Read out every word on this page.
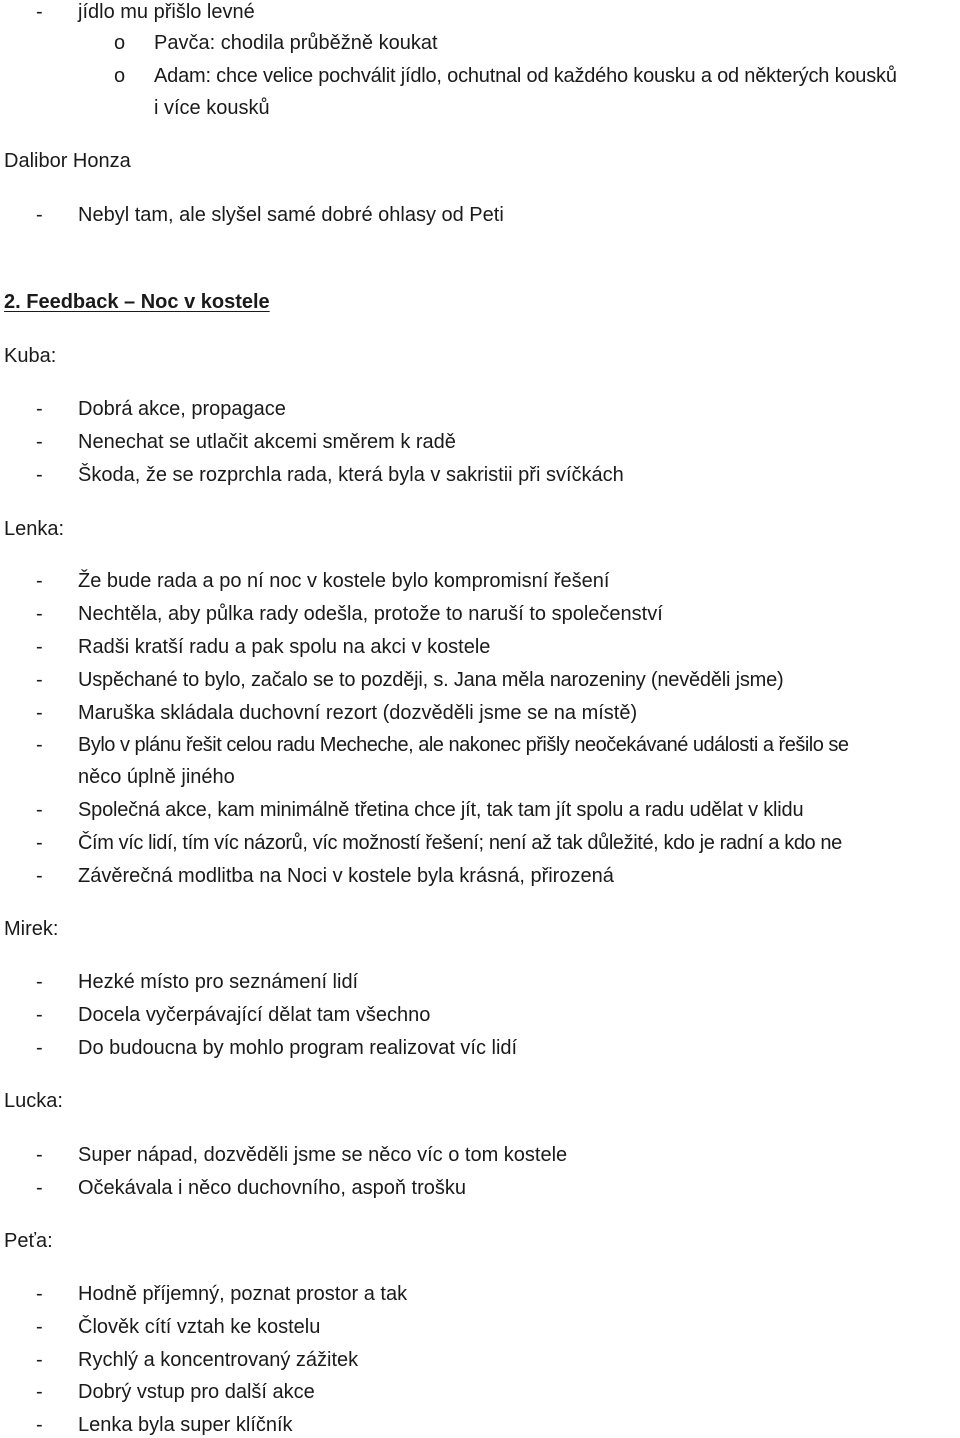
- jídlo mu přišlo levné
o Pavča: chodila průběžně koukat
o Adam: chce velice pochválit jídlo, ochutnal od každého kousku a od některých kousků
i více kousků
Dalibor Honza
- Nebyl tam, ale slyšel samé dobré ohlasy od Peti
2. Feedback – Noc v kostele
Kuba:
- Dobrá akce, propagace
- Nenechat se utlačit akcemi směrem k radě
- Škoda, že se rozprchla rada, která byla v sakristii při svíčkách
Lenka:
- Že bude rada a po ní noc v kostele bylo kompromisní řešení
- Nechtěla, aby půlka rady odešla, protože to naruší to společenství
- Radši kratší radu a pak spolu na akci v kostele
- Uspěchané to bylo, začalo se to později, s. Jana měla narozeniny (nevěděli jsme)
- Maruška skládala duchovní rezort (dozvěděli jsme se na místě)
- Bylo v plánu řešit celou radu Mecheche, ale nakonec přišly neočekávané události a řešilo se
něco úplně jiného
- Společná akce, kam minimálně třetina chce jít, tak tam jít spolu a radu udělat v klidu
- Čím víc lidí, tím víc názorů, víc možností řešení; není až tak důležité, kdo je radní a kdo ne
- Závěrečná modlitba na Noci v kostele byla krásná, přirozená
Mirek:
- Hezké místo pro seznámení lidí
- Docela vyčerpávající dělat tam všechno
- Do budoucna by mohlo program realizovat víc lidí
Lucka:
- Super nápad, dozvěděli jsme se něco víc o tom kostele
- Očekávala i něco duchovního, aspoň trošku
Peťa:
- Hodně příjemný, poznat prostor a tak
- Člověk cítí vztah ke kostelu
- Rychlý a koncentrovaný zážitek
- Dobrý vstup pro další akce
- Lenka byla super klíčník
